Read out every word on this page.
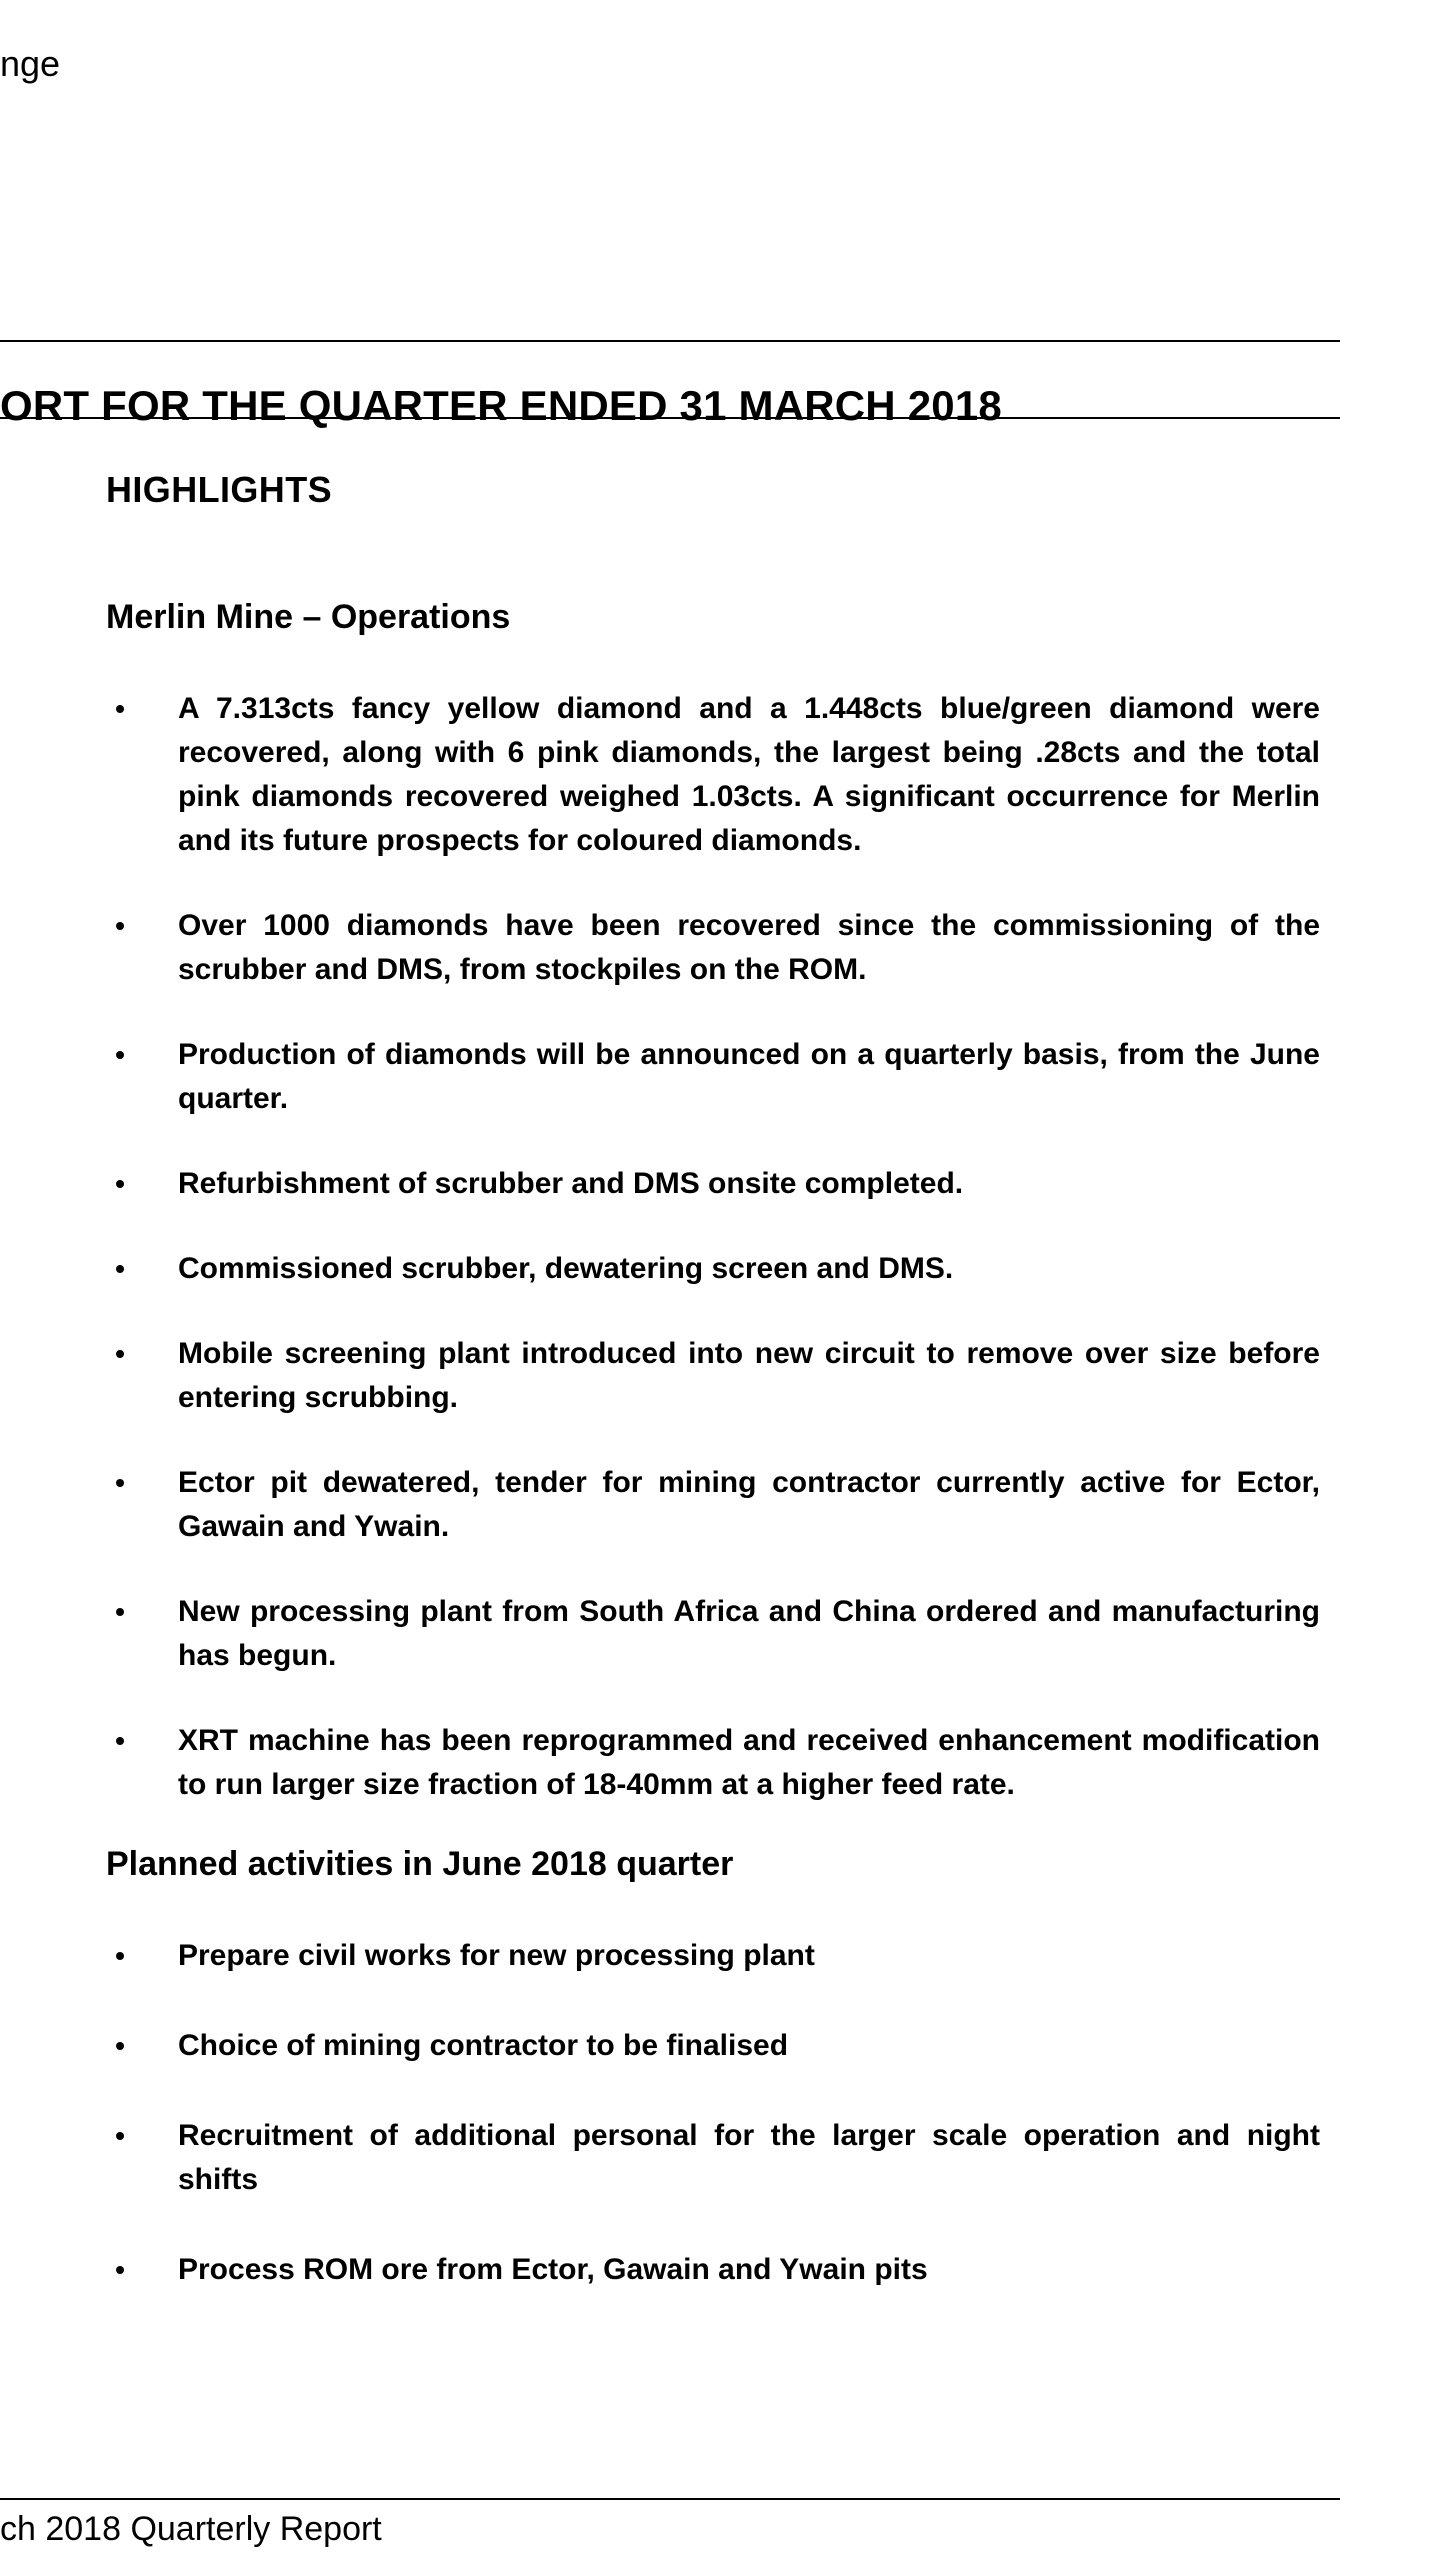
nge
ORT FOR THE QUARTER ENDED 31 MARCH 2018
HIGHLIGHTS
Merlin Mine – Operations
•	A 7.313cts fancy yellow diamond and a 1.448cts blue/green diamond were recovered, along with 6 pink diamonds, the largest being .28cts and the total pink diamonds recovered weighed 1.03cts. A significant occurrence for Merlin and its future prospects for coloured diamonds.
•	Over 1000 diamonds have been recovered since the commissioning of the scrubber and DMS, from stockpiles on the ROM.
•	Production of diamonds will be announced on a quarterly basis, from the June quarter.
•	Refurbishment of scrubber and DMS onsite completed.
•	Commissioned scrubber, dewatering screen and DMS.
•	Mobile screening plant introduced into new circuit to remove over size before entering scrubbing.
•	Ector pit dewatered, tender for mining contractor currently active for Ector, Gawain and Ywain.
•	New processing plant from South Africa and China ordered and manufacturing has begun.
•	XRT machine has been reprogrammed and received enhancement modification to run larger size fraction of 18-40mm at a higher feed rate.
Planned activities in June 2018 quarter
•	Prepare civil works for new processing plant
•	Choice of mining contractor to be finalised
•	Recruitment of additional personal for the larger scale operation and night shifts
•	Process ROM ore from Ector, Gawain and Ywain pits
ch 2018 Quarterly Report
